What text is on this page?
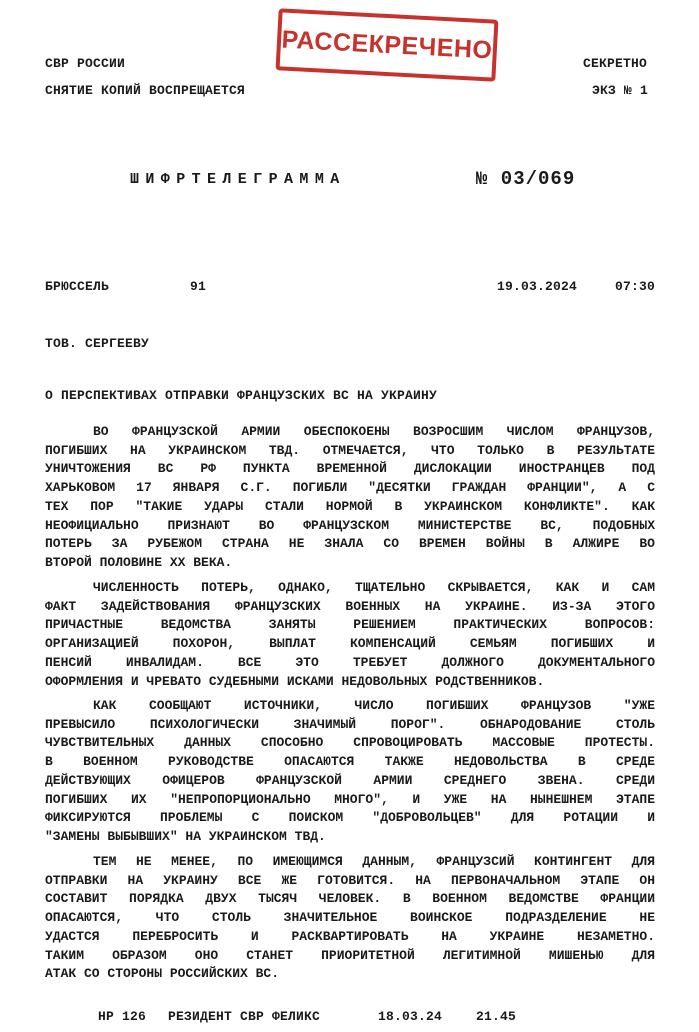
СВР РОССИИ
СНЯТИЕ КОПИЙ ВОСПРЕЩАЕТСЯ
СЕКРЕТНО
ЭКЗ № 1
РАССЕКРЕЧЕНО
ШИФРТЕЛЕГРАММА	№ 03/069
БРЮССЕЛЬ	91	19.03.2024	07:30
ТОВ. СЕРГЕЕВУ
О ПЕРСПЕКТИВАХ ОТПРАВКИ ФРАНЦУЗСКИХ ВС НА УКРАИНУ
ВО ФРАНЦУЗСКОЙ АРМИИ ОБЕСПОКОЕНЫ ВОЗРОСШИМ ЧИСЛОМ ФРАНЦУЗОВ,
ПОГИБШИХ НА УКРАИНСКОМ ТВД. ОТМЕЧАЕТСЯ, ЧТО ТОЛЬКО В РЕЗУЛЬТАТЕ
УНИЧТОЖЕНИЯ ВС РФ ПУНКТА ВРЕМЕННОЙ ДИСЛОКАЦИИ ИНОСТРАНЦЕВ ПОД
ХАРЬКОВОМ 17 ЯНВАРЯ С.Г. ПОГИБЛИ "ДЕСЯТКИ ГРАЖДАН ФРАНЦИИ", А С
ТЕХ ПОР "ТАКИЕ УДАРЫ СТАЛИ НОРМОЙ В УКРАИНСКОМ КОНФЛИКТЕ". КАК
НЕОФИЦИАЛЬНО ПРИЗНАЮТ ВО ФРАНЦУЗСКОМ МИНИСТЕРСТВЕ ВС, ПОДОБНЫХ
ПОТЕРЬ ЗА РУБЕЖОМ СТРАНА НЕ ЗНАЛА СО ВРЕМЕН ВОЙНЫ В АЛЖИРЕ ВО
ВТОРОЙ ПОЛОВИНЕ XX ВЕКА.
ЧИСЛЕННОСТЬ ПОТЕРЬ, ОДНАКО, ТЩАТЕЛЬНО СКРЫВАЕТСЯ, КАК И САМ
ФАКТ ЗАДЕЙСТВОВАНИЯ ФРАНЦУЗСКИХ ВОЕННЫХ НА УКРАИНЕ. ИЗ-ЗА ЭТОГО
ПРИЧАСТНЫЕ ВЕДОМСТВА ЗАНЯТЫ РЕШЕНИЕМ ПРАКТИЧЕСКИХ ВОПРОСОВ:
ОРГАНИЗАЦИЕЙ ПОХОРОН, ВЫПЛАТ КОМПЕНСАЦИЙ СЕМЬЯМ ПОГИБШИХ И
ПЕНСИЙ ИНВАЛИДАМ. ВСЕ ЭТО ТРЕБУЕТ ДОЛЖНОГО ДОКУМЕНТАЛЬНОГО
ОФОРМЛЕНИЯ И ЧРЕВАТО СУДЕБНЫМИ ИСКАМИ НЕДОВОЛЬНЫХ РОДСТВЕННИКОВ.
КАК СООБЩАЮТ ИСТОЧНИКИ, ЧИСЛО ПОГИБШИХ ФРАНЦУЗОВ "УЖЕ
ПРЕВЫСИЛО ПСИХОЛОГИЧЕСКИ ЗНАЧИМЫЙ ПОРОГ". ОБНАРОДОВАНИЕ СТОЛЬ
ЧУВСТВИТЕЛЬНЫХ ДАННЫХ СПОСОБНО СПРОВОЦИРОВАТЬ МАССОВЫЕ ПРОТЕСТЫ.
В ВОЕННОМ РУКОВОДСТВЕ ОПАСАЮТСЯ ТАКЖЕ НЕДОВОЛЬСТВА В СРЕДЕ
ДЕЙСТВУЮЩИХ ОФИЦЕРОВ ФРАНЦУЗСКОЙ АРМИИ СРЕДНЕГО ЗВЕНА. СРЕДИ
ПОГИБШИХ ИХ "НЕПРОПОРЦИОНАЛЬНО МНОГО", И УЖЕ НА НЫНЕШНЕМ ЭТАПЕ
ФИКСИРУЮТСЯ ПРОБЛЕМЫ С ПОИСКОМ "ДОБРОВОЛЬЦЕВ" ДЛЯ РОТАЦИИ И
"ЗАМЕНЫ ВЫБЫВШИХ" НА УКРАИНСКОМ ТВД.
ТЕМ НЕ МЕНЕЕ, ПО ИМЕЮЩИМСЯ ДАННЫМ, ФРАНЦУЗСИЙ КОНТИНГЕНТ ДЛЯ
ОТПРАВКИ НА УКРАИНУ ВСЕ ЖЕ ГОТОВИТСЯ. НА ПЕРВОНАЧАЛЬНОМ ЭТАПЕ ОН
СОСТАВИТ ПОРЯДКА ДВУХ ТЫСЯЧ ЧЕЛОВЕК. В ВОЕННОМ ВЕДОМСТВЕ ФРАНЦИИ
ОПАСАЮТСЯ, ЧТО СТОЛЬ ЗНАЧИТЕЛЬНОЕ ВОИНСКОЕ ПОДРАЗДЕЛЕНИЕ НЕ
УДАСТСЯ ПЕРЕБРОСИТЬ И РАСКВАРТИРОВАТЬ НА УКРАИНЕ НЕЗАМЕТНО.
ТАКИМ ОБРАЗОМ ОНО СТАНЕТ ПРИОРИТЕТНОЙ ЛЕГИТИМНОЙ МИШЕНЬЮ ДЛЯ
АТАК СО СТОРОНЫ РОССИЙСКИХ ВС.
НР 126 РЕЗИДЕНТ СВР ФЕЛИКС	18.03.24	21.45
